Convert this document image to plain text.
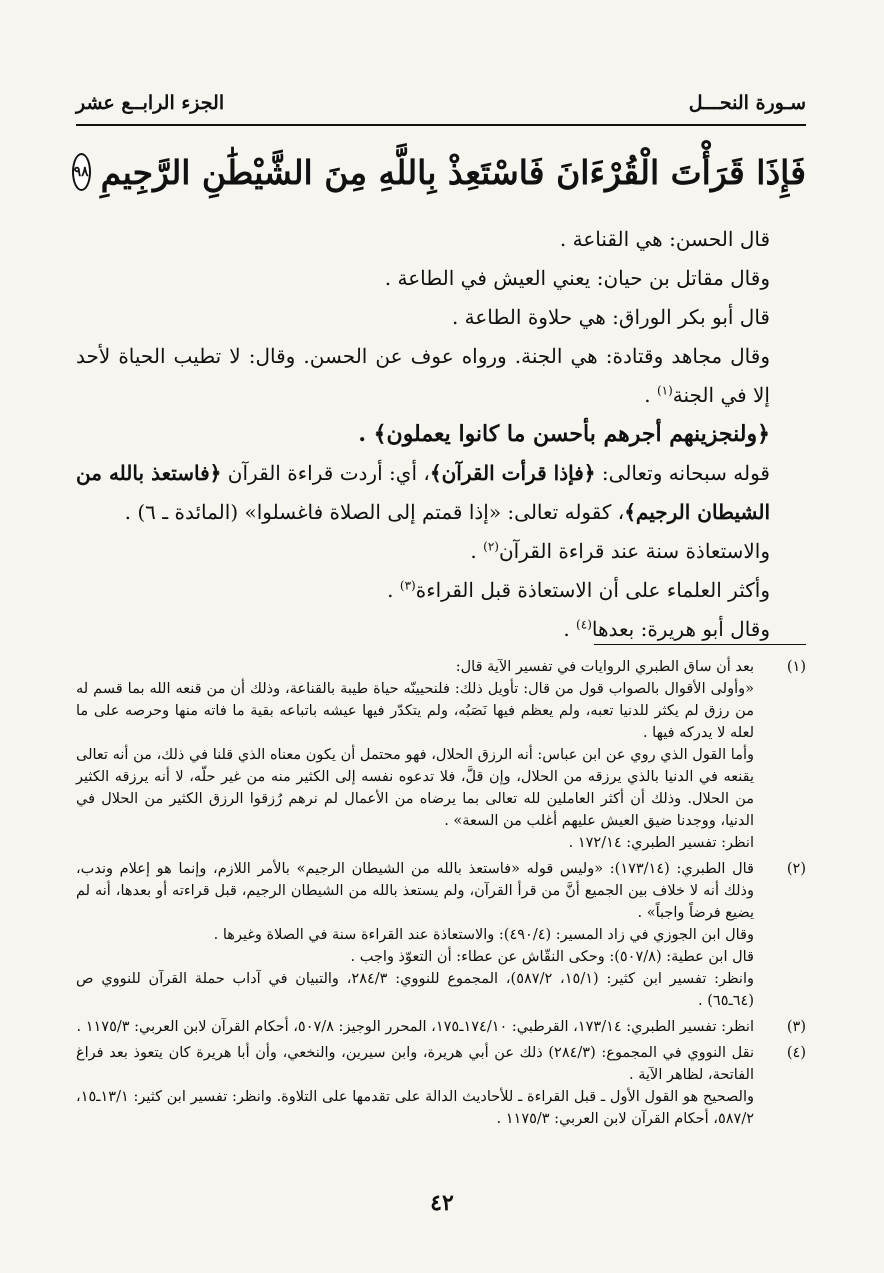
سـورة النحـــل
الجزء الرابــع عشر
فَإِذَا قَرَأْتَ الْقُرْءَانَ فَاسْتَعِذْ بِاللَّهِ مِنَ الشَّيْطَٰنِ الرَّجِيمِ
٩٨

قال الحسن: هي القناعة .

وقال مقاتل بن حيان: يعني العيش في الطاعة .

قال أبو بكر الوراق: هي حلاوة الطاعة .

وقال مجاهد وقتادة: هي الجنة. ورواه عوف عن الحسن. وقال: لا تطيب الحياة لأحد إلا في الجنة$^{(١)}$ .

﴿ولنجزينهم أجرهم بأحسن ما كانوا يعملون﴾ .

قوله سبحانه وتعالى: ﴿فإذا قرأت القرآن﴾، أي: أردت قراءة القرآن ﴿فاستعذ بالله من الشيطان الرجيم﴾، كقوله تعالى: «إذا قمتم إلى الصلاة فاغسلوا» (المائدة ـ ٦) .

والاستعاذة سنة عند قراءة القرآن$^{(٢)}$ .

وأكثر العلماء على أن الاستعاذة قبل القراءة$^{(٣)}$ .

وقال أبو هريرة: بعدها$^{(٤)}$ .

(١)

بعد أن ساق الطبري الروايات في تفسير الآية قال:

«وأولى الأقوال بالصواب قول من قال: تأويل ذلك: فلنحيينّه حياة طيبة بالقناعة، وذلك أن من قنعه الله بما قسم له من رزق لم يكثر للدنيا تعبه، ولم يعظم فيها نَصَبُه، ولم يتكدّر فيها عيشه باتباعه بقية ما فاته منها وحرصه على ما لعله لا يدركه فيها .

وأما القول الذي روي عن ابن عباس: أنه الرزق الحلال، فهو محتمل أن يكون معناه الذي قلنا في ذلك، من أنه تعالى يقنعه في الدنيا بالذي يرزقه من الحلال، وإن قلَّ، فلا تدعوه نفسه إلى الكثير منه من غير حلّه، لا أنه يرزقه الكثير من الحلال. وذلك أن أكثر العاملين لله تعالى بما يرضاه من الأعمال لم نرهم رُزقوا الرزق الكثير من الحلال في الدنيا، ووجدنا ضيق العيش عليهم أغلب من السعة» .

انظر: تفسير الطبري: ١٧٢/١٤ .

(٢)

قال الطبري: (١٧٣/١٤): «وليس قوله «فاستعذ بالله من الشيطان الرجيم» بالأمر اللازم، وإنما هو إعلام وندب، وذلك أنه لا خلاف بين الجميع أنَّ من قرأ القرآن، ولم يستعذ بالله من الشيطان الرجيم، قبل قراءته أو بعدها، أنه لم يضيع فرضاً واجباً» .

وقال ابن الجوزي في زاد المسير: (٤٩٠/٤): والاستعاذة عند القراءة سنة في الصلاة وغيرها .

قال ابن عطية: (٥٠٧/٨): وحكى النقّاش عن عطاء: أن التعوّذ واجب .

وانظر: تفسير ابن كثير: (١٥/١، ٥٨٧/٢)، المجموع للنووي: ٢٨٤/٣، والتبيان في آداب حملة القرآن للنووي ص (٦٤ـ٦٥) .

(٣)

انظر: تفسير الطبري: ١٧٣/١٤، القرطبي: ١٧٤/١٠ـ١٧٥، المحرر الوجيز: ٥٠٧/٨، أحكام القرآن لابن العربي: ١١٧٥/٣ .

(٤)

نقل النووي في المجموع: (٢٨٤/٣) ذلك عن أبي هريرة، وابن سيرين، والنخعي، وأن أبا هريرة كان يتعوذ بعد فراغ الفاتحة، لظاهر الآية .

والصحيح هو القول الأول ـ قبل القراءة ـ للأحاديث الدالة على تقدمها على التلاوة. وانظر: تفسير ابن كثير: ١٣/١ـ١٥، ٥٨٧/٢، أحكام القرآن لابن العربي: ١١٧٥/٣ .

٤٢
